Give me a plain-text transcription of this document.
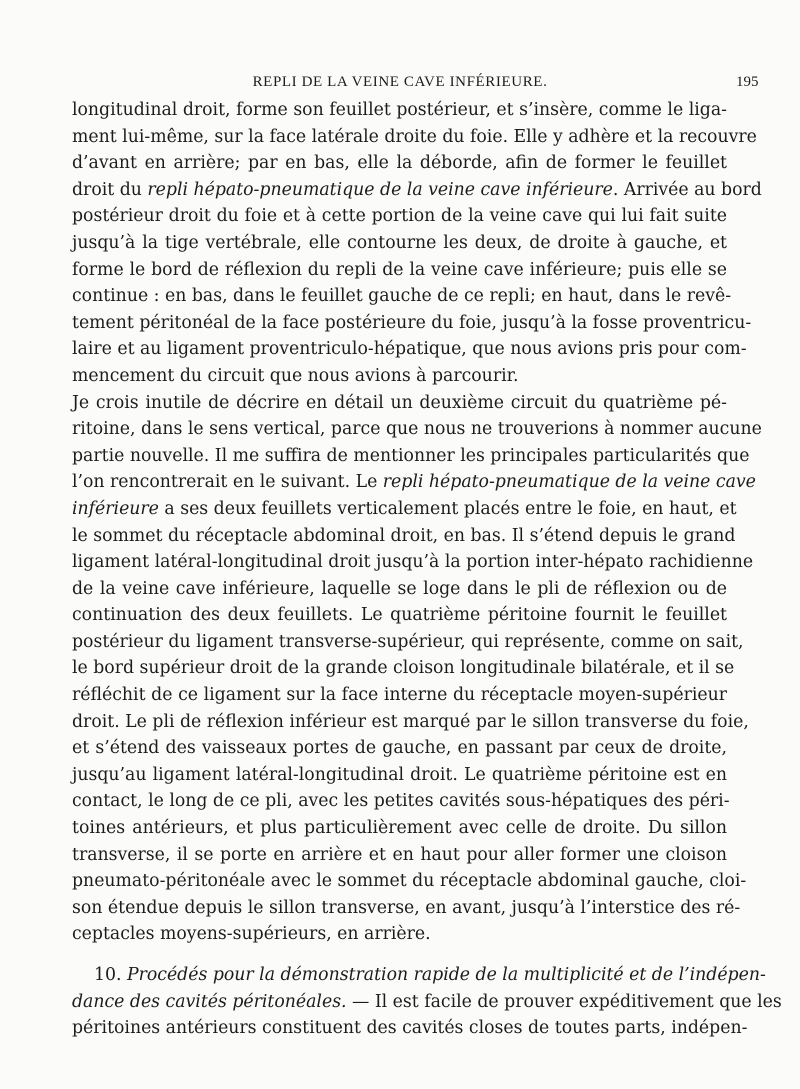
REPLI DE LA VEINE CAVE INFÉRIEURE.	195
longitudinal droit, forme son feuillet postérieur, et s’insère, comme le liga-
ment lui-même, sur la face latérale droite du foie. Elle y adhère et la recouvre
d’avant en arrière; par en bas, elle la déborde, afin de former le feuillet
droit du repli hépato-pneumatique de la veine cave inférieure. Arrivée au bord
postérieur droit du foie et à cette portion de la veine cave qui lui fait suite
jusqu’à la tige vertébrale, elle contourne les deux, de droite à gauche, et
forme le bord de réflexion du repli de la veine cave inférieure; puis elle se
continue : en bas, dans le feuillet gauche de ce repli; en haut, dans le revê-
tement péritonéal de la face postérieure du foie, jusqu’à la fosse proventricu-
laire et au ligament proventriculo-hépatique, que nous avions pris pour com-
mencement du circuit que nous avions à parcourir.
Je crois inutile de décrire en détail un deuxième circuit du quatrième pé-
ritoine, dans le sens vertical, parce que nous ne trouverions à nommer aucune
partie nouvelle. Il me suffira de mentionner les principales particularités que
l’on rencontrerait en le suivant. Le repli hépato-pneumatique de la veine cave
inférieure a ses deux feuillets verticalement placés entre le foie, en haut, et
le sommet du réceptacle abdominal droit, en bas. Il s’étend depuis le grand
ligament latéral-longitudinal droit jusqu’à la portion inter-hépato rachidienne
de la veine cave inférieure, laquelle se loge dans le pli de réflexion ou de
continuation des deux feuillets. Le quatrième péritoine fournit le feuillet
postérieur du ligament transverse-supérieur, qui représente, comme on sait,
le bord supérieur droit de la grande cloison longitudinale bilatérale, et il se
réfléchit de ce ligament sur la face interne du réceptacle moyen-supérieur
droit. Le pli de réflexion inférieur est marqué par le sillon transverse du foie,
et s’étend des vaisseaux portes de gauche, en passant par ceux de droite,
jusqu’au ligament latéral-longitudinal droit. Le quatrième péritoine est en
contact, le long de ce pli, avec les petites cavités sous-hépatiques des péri-
toines antérieurs, et plus particulièrement avec celle de droite. Du sillon
transverse, il se porte en arrière et en haut pour aller former une cloison
pneumato-péritonéale avec le sommet du réceptacle abdominal gauche, cloi-
son étendue depuis le sillon transverse, en avant, jusqu’à l’interstice des ré-
ceptacles moyens-supérieurs, en arrière.
10. Procédés pour la démonstration rapide de la multiplicité et de l’indépen-
dance des cavités péritonéales. — Il est facile de prouver expéditivement que les
péritoines antérieurs constituent des cavités closes de toutes parts, indépen-
